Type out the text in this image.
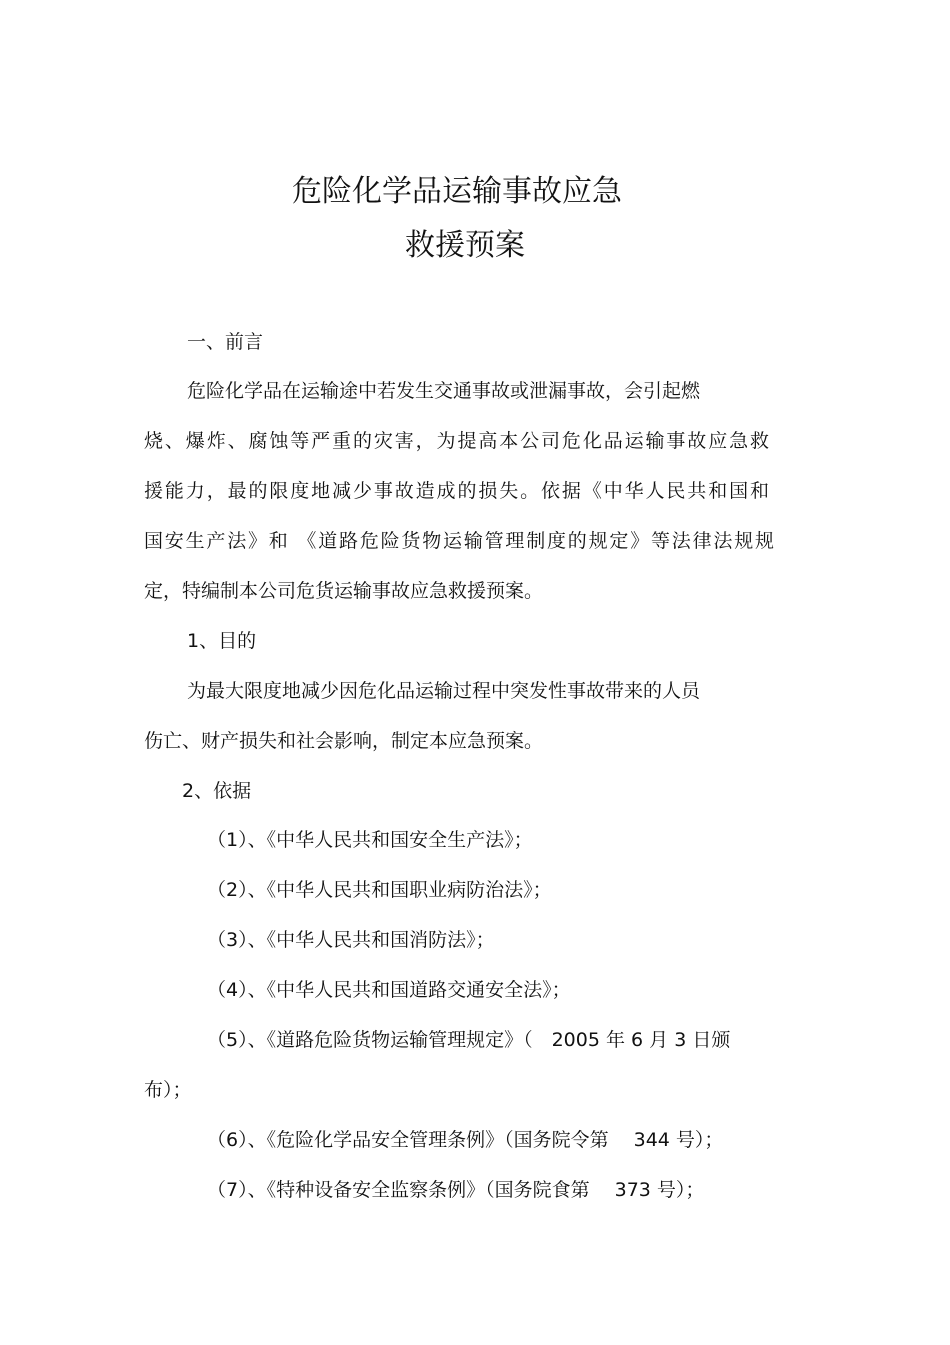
危险化学品运输事故应急
救援预案

一、前言

危险化学品在运输途中若发生交通事故或泄漏事故，会引起燃

烧、爆炸、腐蚀等严重的灾害，为提高本公司危化品运输事故应急救

援能力，最的限度地减少事故造成的损失。依据《中华人民共和国和

国安生产法》和 《道路危险货物运输管理制度的规定》等法律法规规

定，特编制本公司危货运输事故应急救援预案。

1、目的

为最大限度地减少因危化品运输过程中突发性事故带来的人员

伤亡、财产损失和社会影响，制定本应急预案。

2、依据

（1）、《中华人民共和国安全生产法》；

（2）、《中华人民共和国职业病防治法》；

（3）、《中华人民共和国消防法》；

（4）、《中华人民共和国道路交通安全法》；

（5）、《道路危险货物运输管理规定》（　2005 年 6 月 3 日颁

布）；

（6）、《危险化学品安全管理条例》（国务院令第　 344 号）；

（7）、《特种设备安全监察条例》（国务院食第　 373 号）；
